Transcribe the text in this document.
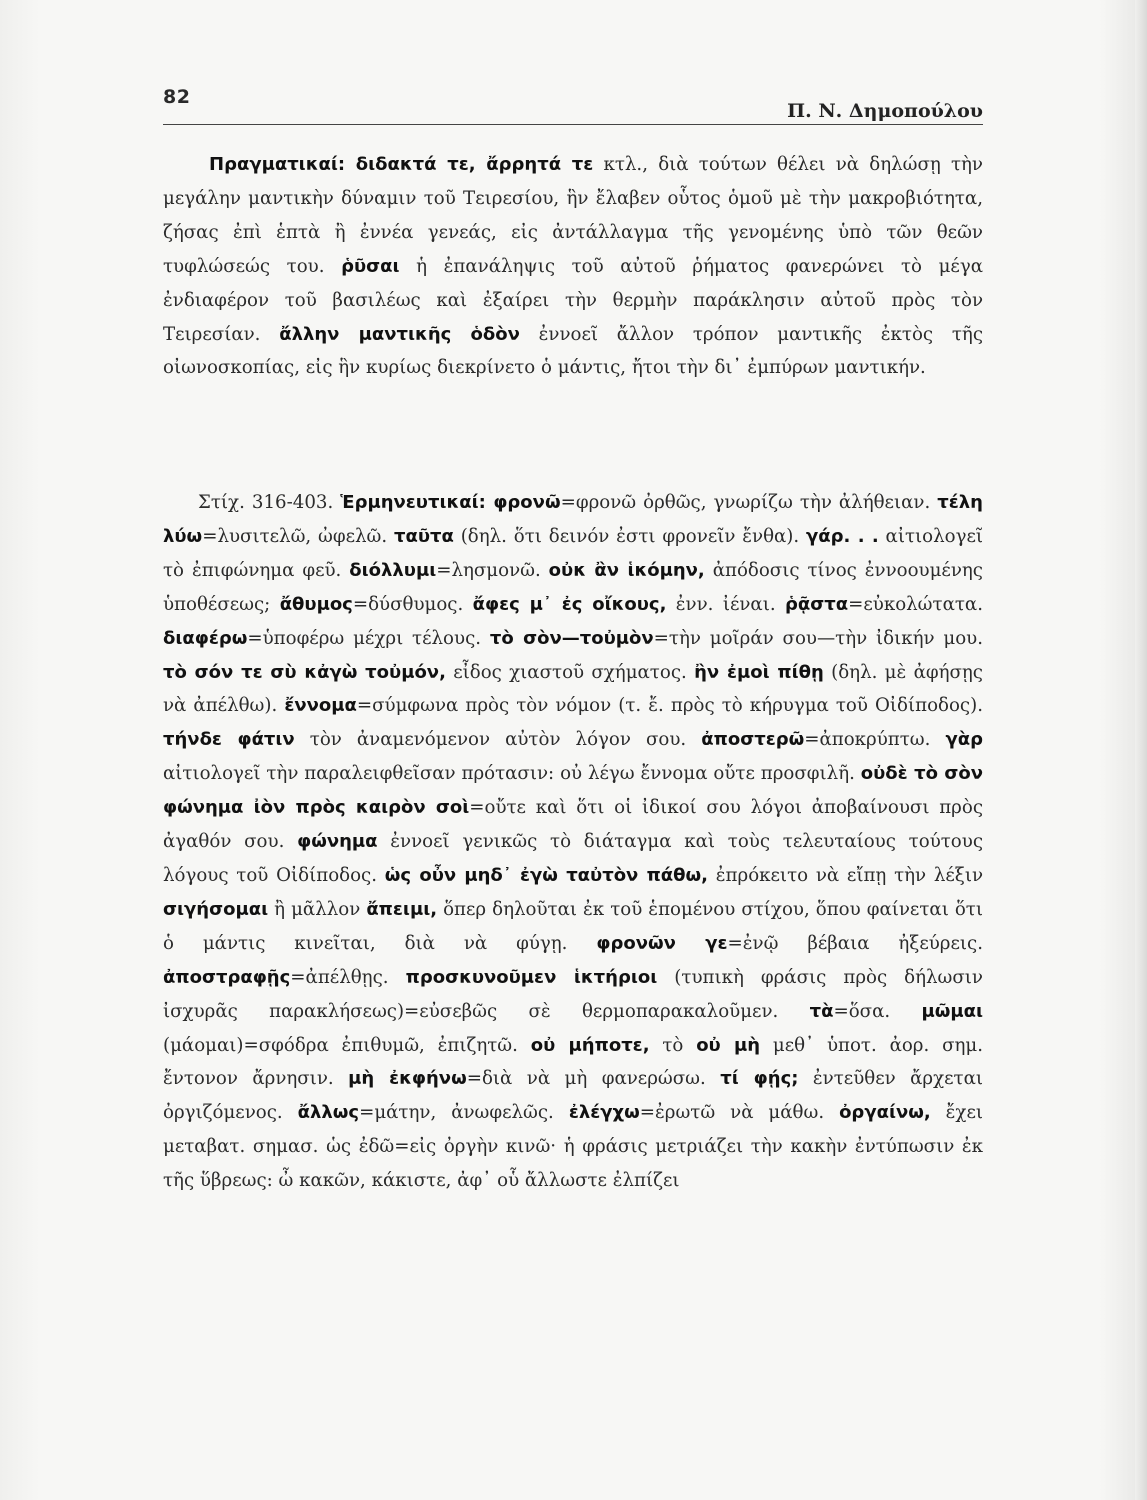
82
Π. Ν. Δημοπούλου
Πραγματικαί: διδακτά τε, ἄρρητά τε κτλ., διὰ τούτων θέλει νὰ δηλώσῃ τὴν μεγάλην μαντικὴν δύναμιν τοῦ Τειρεσίου, ἣν ἔλαβεν οὗτος ὁμοῦ μὲ τὴν μακροβιότητα, ζήσας ἐπὶ ἑπτὰ ἢ ἐννέα γενεάς, εἰς ἀντάλλαγμα τῆς γενομένης ὑπὸ τῶν θεῶν τυφλώσεώς του. ῥῦσαι ἡ ἐπανάληψις τοῦ αὐτοῦ ῥήματος φανερώνει τὸ μέγα ἐνδιαφέρον τοῦ βασιλέως καὶ ἐξαίρει τὴν θερμὴν παράκλησιν αὐτοῦ πρὸς τὸν Τειρεσίαν. ἄλλην μαντικῆς ὁδὸν ἐννοεῖ ἄλλον τρόπον μαντικῆς ἐκτὸς τῆς οἰωνοσκοπίας, εἰς ἣν κυρίως διεκρίνετο ὁ μάντις, ἤτοι τὴν δι᾽ ἐμπύρων μαντικήν.
Στίχ. 316-403. Ἑρμηνευτικαί: φρονῶ=φρονῶ ὀρθῶς, γνωρίζω τὴν ἀλήθειαν. τέλη λύω=λυσιτελῶ, ὠφελῶ. ταῦτα (δηλ. ὅτι δεινόν ἐστι φρονεῖν ἔνθα). γάρ. . . αἰτιολογεῖ τὸ ἐπιφώνημα φεῦ. διόλλυμι=λησμονῶ. οὐκ ἂν ἱκόμην, ἀπόδοσις τίνος ἐννοουμένης ὑποθέσεως; ἄθυμος=δύσθυμος. ἄφες μ᾽ ἐς οἴκους, ἐνν. ἰέναι. ῥᾷστα=εὐκολώτατα. διαφέρω=ὑποφέρω μέχρι τέλους. τὸ σὸν—τοὐμὸν=τὴν μοῖράν σου—τὴν ἰδικήν μου. τὸ σόν τε σὺ κἀγὼ τοὐμόν, εἶδος χιαστοῦ σχήματος. ἢν ἐμοὶ πίθῃ (δηλ. μὲ ἀφήσῃς νὰ ἀπέλθω). ἔννομα=σύμφωνα πρὸς τὸν νόμον (τ. ἔ. πρὸς τὸ κήρυγμα τοῦ Οἰδίποδος). τήνδε φάτιν τὸν ἀναμενόμενον αὐτὸν λόγον σου. ἀποστερῶ=ἀποκρύπτω. γὰρ αἰτιολογεῖ τὴν παραλειφθεῖσαν πρότασιν: οὐ λέγω ἔννομα οὔτε προσφιλῆ. οὐδὲ τὸ σὸν φώνημα ἰὸν πρὸς καιρὸν σοὶ=οὔτε καὶ ὅτι οἱ ἰδικοί σου λόγοι ἀποβαίνουσι πρὸς ἀγαθόν σου. φώνημα ἐννοεῖ γενικῶς τὸ διάταγμα καὶ τοὺς τελευταίους τούτους λόγους τοῦ Οἰδίποδος. ὡς οὖν μηδ᾽ ἐγὼ ταὐτὸν πάθω, ἐπρόκειτο νὰ εἴπῃ τὴν λέξιν σιγήσομαι ἢ μᾶλλον ἄπειμι, ὅπερ δηλοῦται ἐκ τοῦ ἑπομένου στίχου, ὅπου φαίνεται ὅτι ὁ μάντις κινεῖται, διὰ νὰ φύγῃ. φρονῶν γε=ἐνῷ βέβαια ἠξεύρεις. ἀποστραφῇς=ἀπέλθῃς. προσκυνοῦμεν ἱκτήριοι (τυπικὴ φράσις πρὸς δήλωσιν ἰσχυρᾶς παρακλήσεως)=εὐσεβῶς σὲ θερμοπαρακαλοῦμεν. τὰ=ὅσα. μῶμαι (μάομαι)=σφόδρα ἐπιθυμῶ, ἐπιζητῶ. οὐ μήποτε, τὸ οὐ μὴ μεθ᾽ ὑποτ. ἀορ. σημ. ἔντονον ἄρνησιν. μὴ ἐκφήνω=διὰ νὰ μὴ φανερώσω. τί φῄς; ἐντεῦθεν ἄρχεται ὀργιζόμενος. ἄλλως=μάτην, ἀνωφελῶς. ἐλέγχω=ἐρωτῶ νὰ μάθω. ὀργαίνω, ἔχει μεταβατ. σημασ. ὡς ἐδῶ=εἰς ὀργὴν κινῶ· ἡ φράσις μετριάζει τὴν κακὴν ἐντύπωσιν ἐκ τῆς ὕβρεως: ὦ κακῶν, κάκιστε, ἀφ᾽ οὗ ἄλλωστε ἐλπίζει
